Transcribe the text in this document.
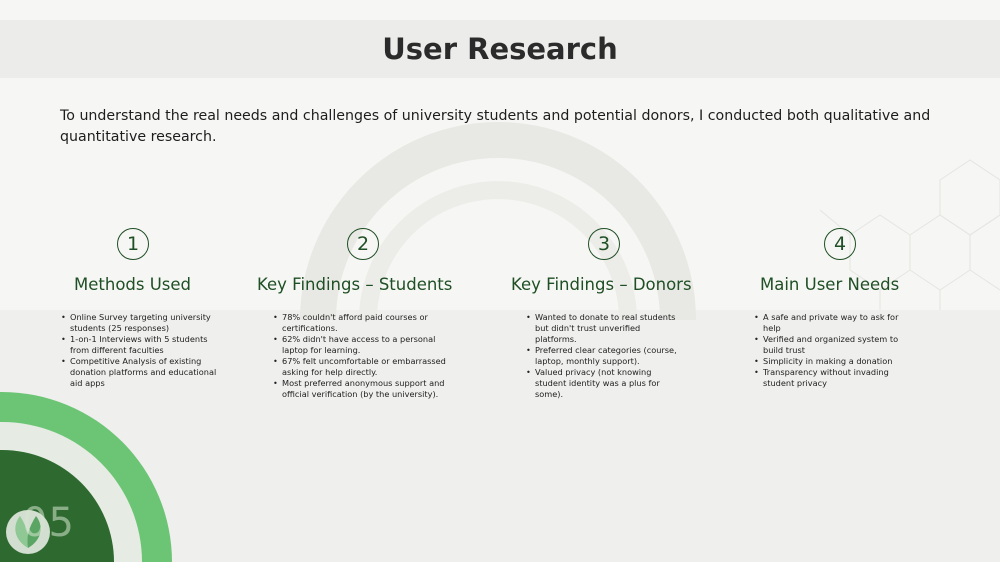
User Research

To understand the real needs and challenges of university students and potential donors, I conducted both qualitative and quantitative research.

1
Methods Used
• Online Survey targeting university students (25 responses)
• 1-on-1 Interviews with 5 students from different faculties
• Competitive Analysis of existing donation platforms and educational aid apps
2
Key Findings – Students
• 78% couldn't afford paid courses or certifications.
• 62% didn't have access to a personal laptop for learning.
• 67% felt uncomfortable or embarrassed asking for help directly.
• Most preferred anonymous support and official verification (by the university).
3
Key Findings – Donors
• Wanted to donate to real students but didn't trust unverified platforms.
• Preferred clear categories (course, laptop, monthly support).
• Valued privacy (not knowing student identity was a plus for some).
4
Main User Needs
• A safe and private way to ask for help
• Verified and organized system to build trust
• Simplicity in making a donation
• Transparency without invading student privacy
05
